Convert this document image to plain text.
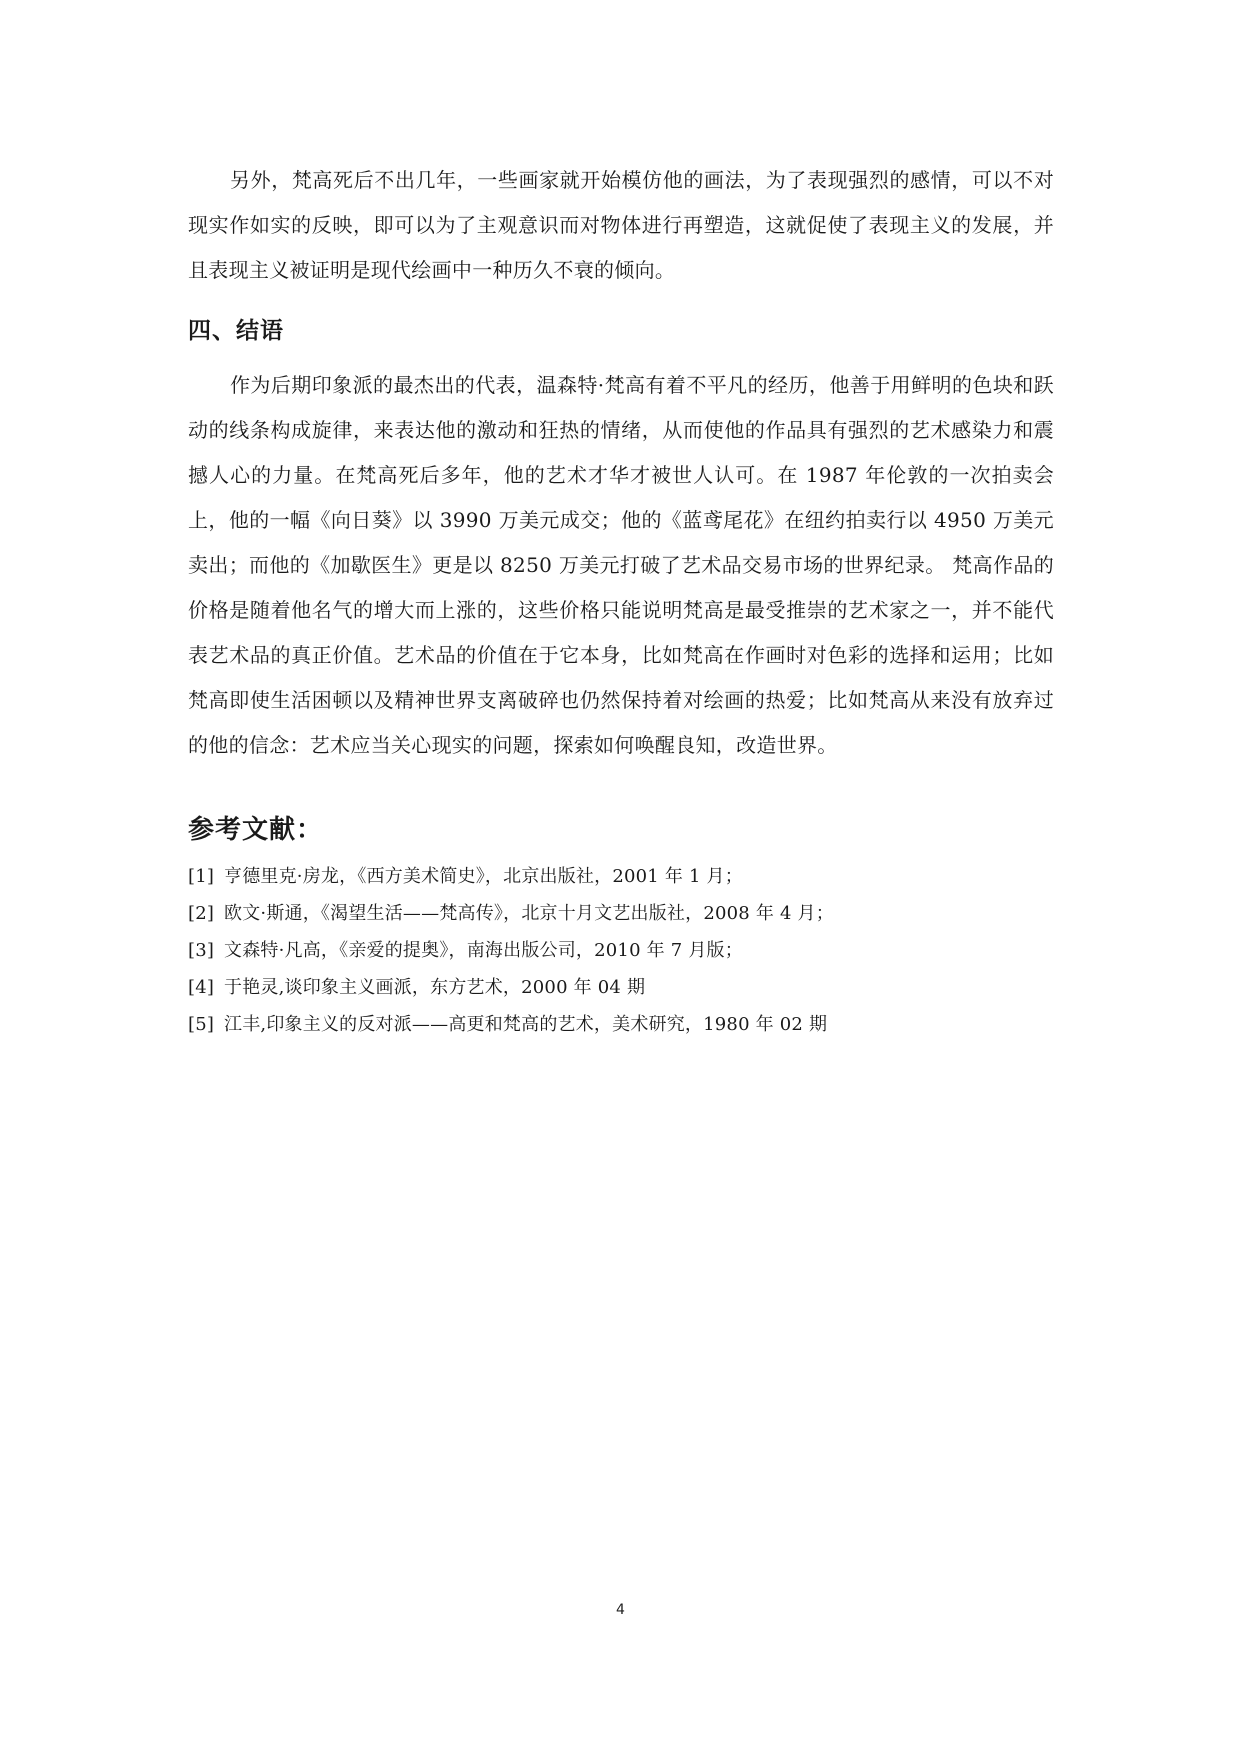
另外，梵高死后不出几年，一些画家就开始模仿他的画法，为了表现强烈的感情，可以不对现实作如实的反映，即可以为了主观意识而对物体进行再塑造，这就促使了表现主义的发展，并且表现主义被证明是现代绘画中一种历久不衰的倾向。

四、结语

作为后期印象派的最杰出的代表，温森特·梵高有着不平凡的经历，他善于用鲜明的色块和跃动的线条构成旋律，来表达他的激动和狂热的情绪，从而使他的作品具有强烈的艺术感染力和震撼人心的力量。在梵高死后多年，他的艺术才华才被世人认可。在 1987 年伦敦的一次拍卖会上，他的一幅《向日葵》以 3990 万美元成交；他的《蓝鸢尾花》在纽约拍卖行以 4950 万美元卖出；而他的《加歇医生》更是以 8250 万美元打破了艺术品交易市场的世界纪录。 梵高作品的价格是随着他名气的增大而上涨的，这些价格只能说明梵高是最受推崇的艺术家之一，并不能代表艺术品的真正价值。艺术品的价值在于它本身，比如梵高在作画时对色彩的选择和运用；比如梵高即使生活困顿以及精神世界支离破碎也仍然保持着对绘画的热爱；比如梵高从来没有放弃过的他的信念：艺术应当关心现实的问题，探索如何唤醒良知，改造世界。

参考文献：
[1] 亨德里克·房龙，《西方美术简史》，北京出版社，2001 年 1 月；
[2] 欧文·斯通，《渴望生活——梵高传》，北京十月文艺出版社，2008 年 4 月；
[3] 文森特·凡高，《亲爱的提奥》，南海出版公司，2010 年 7 月版；
[4] 于艳灵,谈印象主义画派，东方艺术，2000 年 04 期
[5] 江丰,印象主义的反对派——高更和梵高的艺术，美术研究，1980 年 02 期
4
